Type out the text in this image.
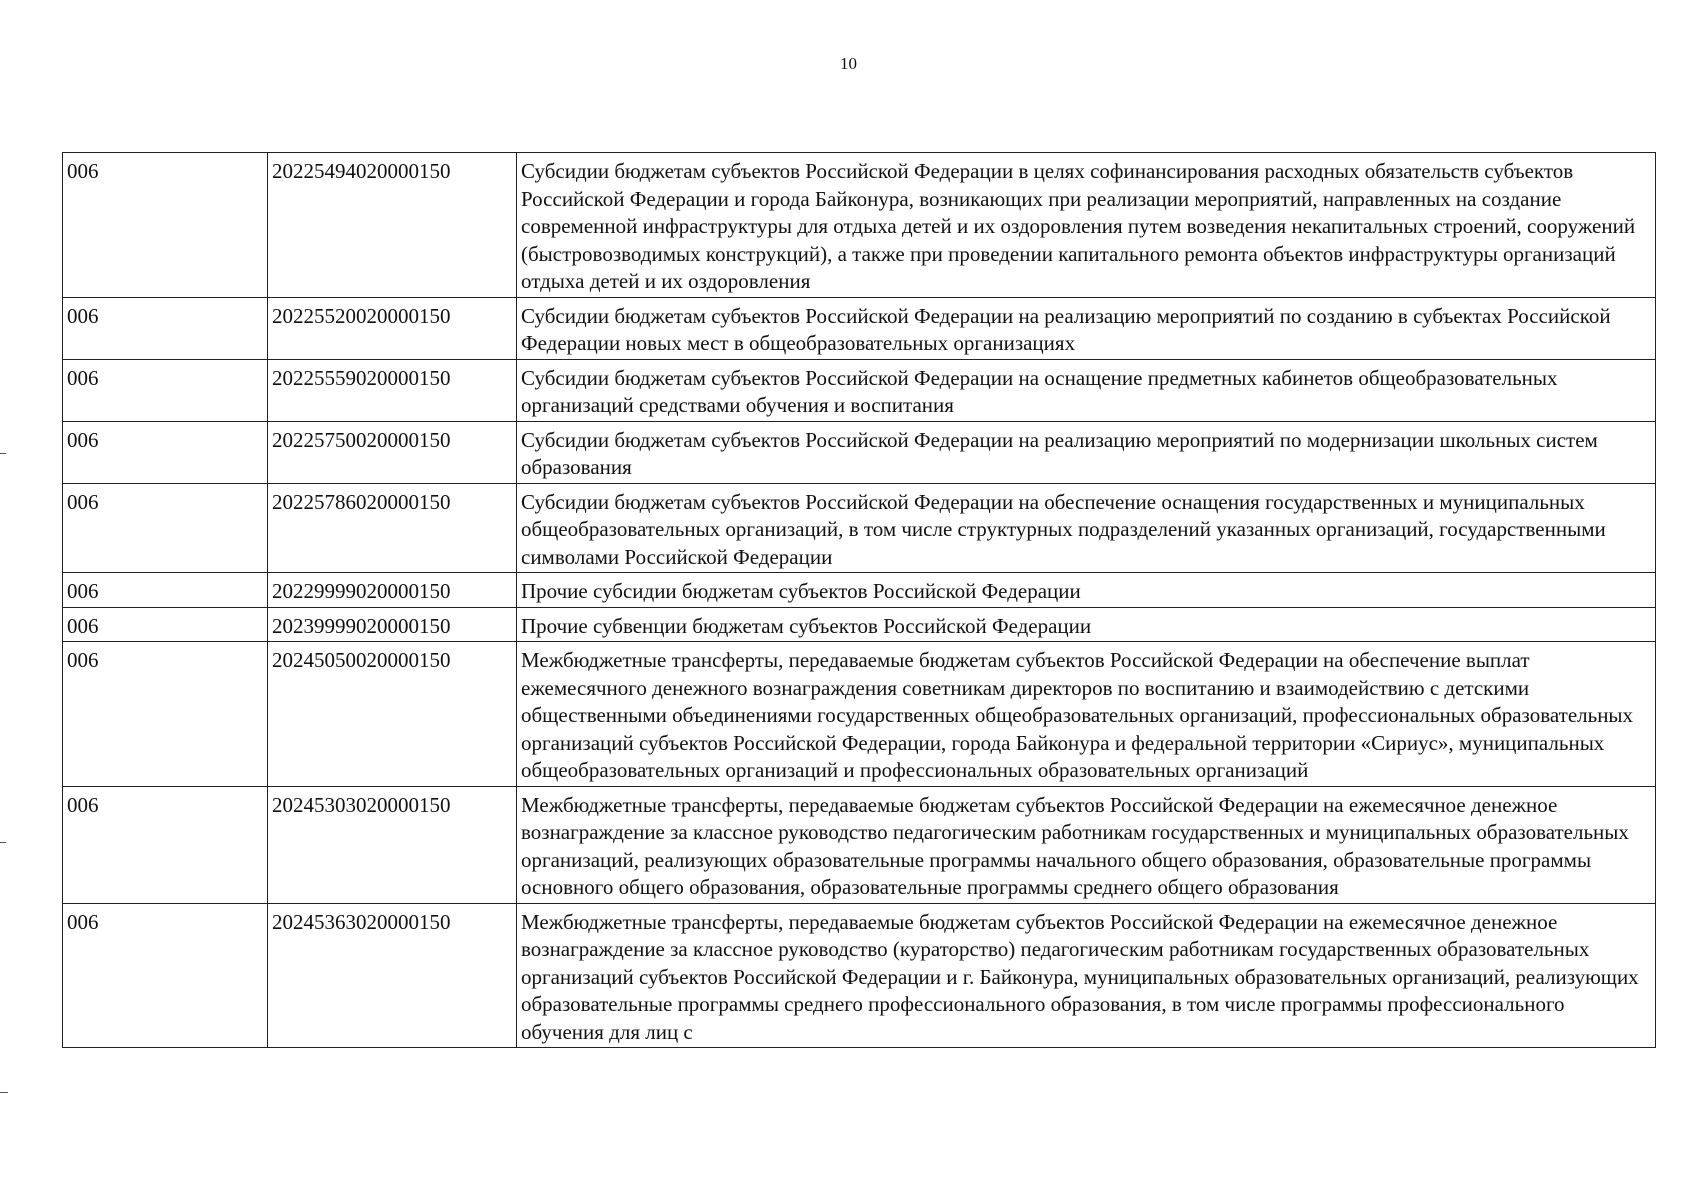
10
006	20225494020000150	Субсидии бюджетам субъектов Российской Федерации в целях софинансирования расходных обязательств субъектов Российской Федерации и города Байконура, возникающих при реализации мероприятий, направленных на создание современной инфраструктуры для отдыха детей и их оздоровления путем возведения некапитальных строений, сооружений (быстровозводимых конструкций), а также при проведении капитального ремонта объектов инфраструктуры организаций отдыха детей и их оздоровления
006	20225520020000150	Субсидии бюджетам субъектов Российской Федерации на реализацию мероприятий по созданию в субъектах Российской Федерации новых мест в общеобразовательных организациях
006	20225559020000150	Субсидии бюджетам субъектов Российской Федерации на оснащение предметных кабинетов общеобразовательных организаций средствами обучения и воспитания
006	20225750020000150	Субсидии бюджетам субъектов Российской Федерации на реализацию мероприятий по модернизации школьных систем образования
006	20225786020000150	Субсидии бюджетам субъектов Российской Федерации на обеспечение оснащения государственных и муниципальных общеобразовательных организаций, в том числе структурных подразделений указанных организаций, государственными символами Российской Федерации
006	20229999020000150	Прочие субсидии бюджетам субъектов Российской Федерации
006	20239999020000150	Прочие субвенции бюджетам субъектов Российской Федерации
006	20245050020000150	Межбюджетные трансферты, передаваемые бюджетам субъектов Российской Федерации на обеспечение выплат ежемесячного денежного вознаграждения советникам директоров по воспитанию и взаимодействию с детскими общественными объединениями государственных общеобразовательных организаций, профессиональных образовательных организаций субъектов Российской Федерации, города Байконура и федеральной территории «Сириус», муниципальных общеобразовательных организаций и профессиональных образовательных организаций
006	20245303020000150	Межбюджетные трансферты, передаваемые бюджетам субъектов Российской Федерации на ежемесячное денежное вознаграждение за классное руководство педагогическим работникам государственных и муниципальных образовательных организаций, реализующих образовательные программы начального общего образования, образовательные программы основного общего образования, образовательные программы среднего общего образования
006	20245363020000150	Межбюджетные трансферты, передаваемые бюджетам субъектов Российской Федерации на ежемесячное денежное вознаграждение за классное руководство (кураторство) педагогическим работникам государственных образовательных организаций субъектов Российской Федерации и г. Байконура, муниципальных образовательных организаций, реализующих образовательные программы среднего профессионального образования, в том числе программы профессионального обучения для лиц с
